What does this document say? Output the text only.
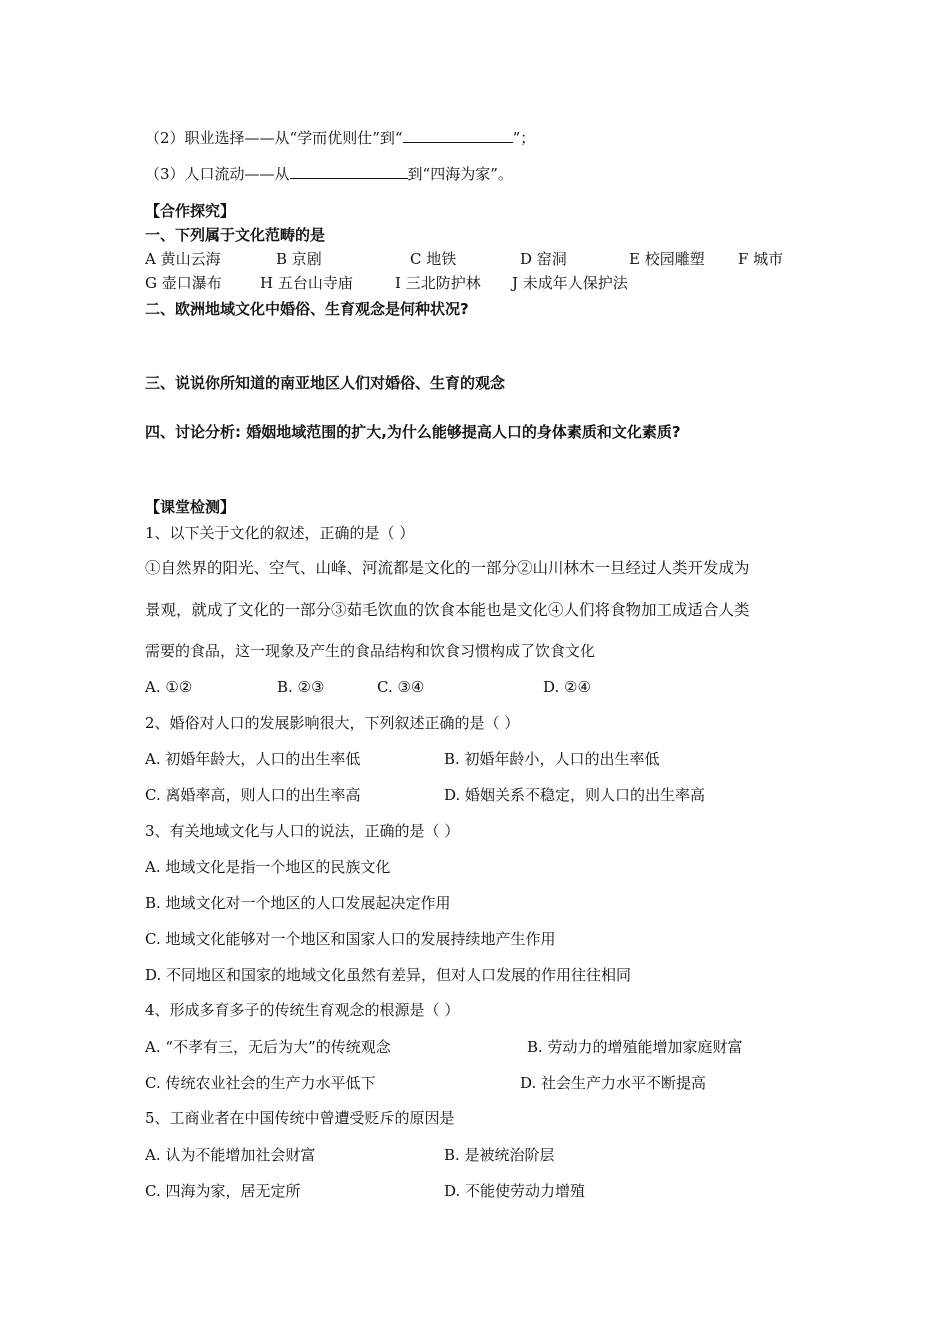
（2）职业选择——从“学而优则仕”到“	”；
（3）人口流动——从	到“四海为家”。
【合作探究】
一、下列属于文化范畴的是
A 黄山云海	B 京剧	C 地铁	D 窑洞	E 校园雕塑 F 城市
G 壶口瀑布	H 五台山寺庙	I 三北防护林 J 未成年人保护法
二、欧洲地域文化中婚俗、生育观念是何种状况?
三、说说你所知道的南亚地区人们对婚俗、生育的观念
四、讨论分析: 婚姻地域范围的扩大,为什么能够提高人口的身体素质和文化素质?
【课堂检测】
1、以下关于文化的叙述，正确的是（ ）
①自然界的阳光、空气、山峰、河流都是文化的一部分②山川林木一旦经过人类开发成为
景观，就成了文化的一部分③茹毛饮血的饮食本能也是文化④人们将食物加工成适合人类
需要的食品，这一现象及产生的食品结构和饮食习惯构成了饮食文化
A. ①②	B. ②③	C. ③④	D. ②④
2、婚俗对人口的发展影响很大，下列叙述正确的是（ ）
A. 初婚年龄大，人口的出生率低	B. 初婚年龄小，人口的出生率低
C. 离婚率高，则人口的出生率高	D. 婚姻关系不稳定，则人口的出生率高
3、有关地域文化与人口的说法，正确的是（ ）
A. 地域文化是指一个地区的民族文化
B. 地域文化对一个地区的人口发展起决定作用
C. 地域文化能够对一个地区和国家人口的发展持续地产生作用
D. 不同地区和国家的地域文化虽然有差异，但对人口发展的作用往往相同
4、形成多育多子的传统生育观念的根源是（ ）
A. “不孝有三，无后为大”的传统观念	B. 劳动力的增殖能增加家庭财富
C. 传统农业社会的生产力水平低下	D. 社会生产力水平不断提高
5、工商业者在中国传统中曾遭受贬斥的原因是
A. 认为不能增加社会财富	B. 是被统治阶层
C. 四海为家，居无定所	D. 不能使劳动力增殖
